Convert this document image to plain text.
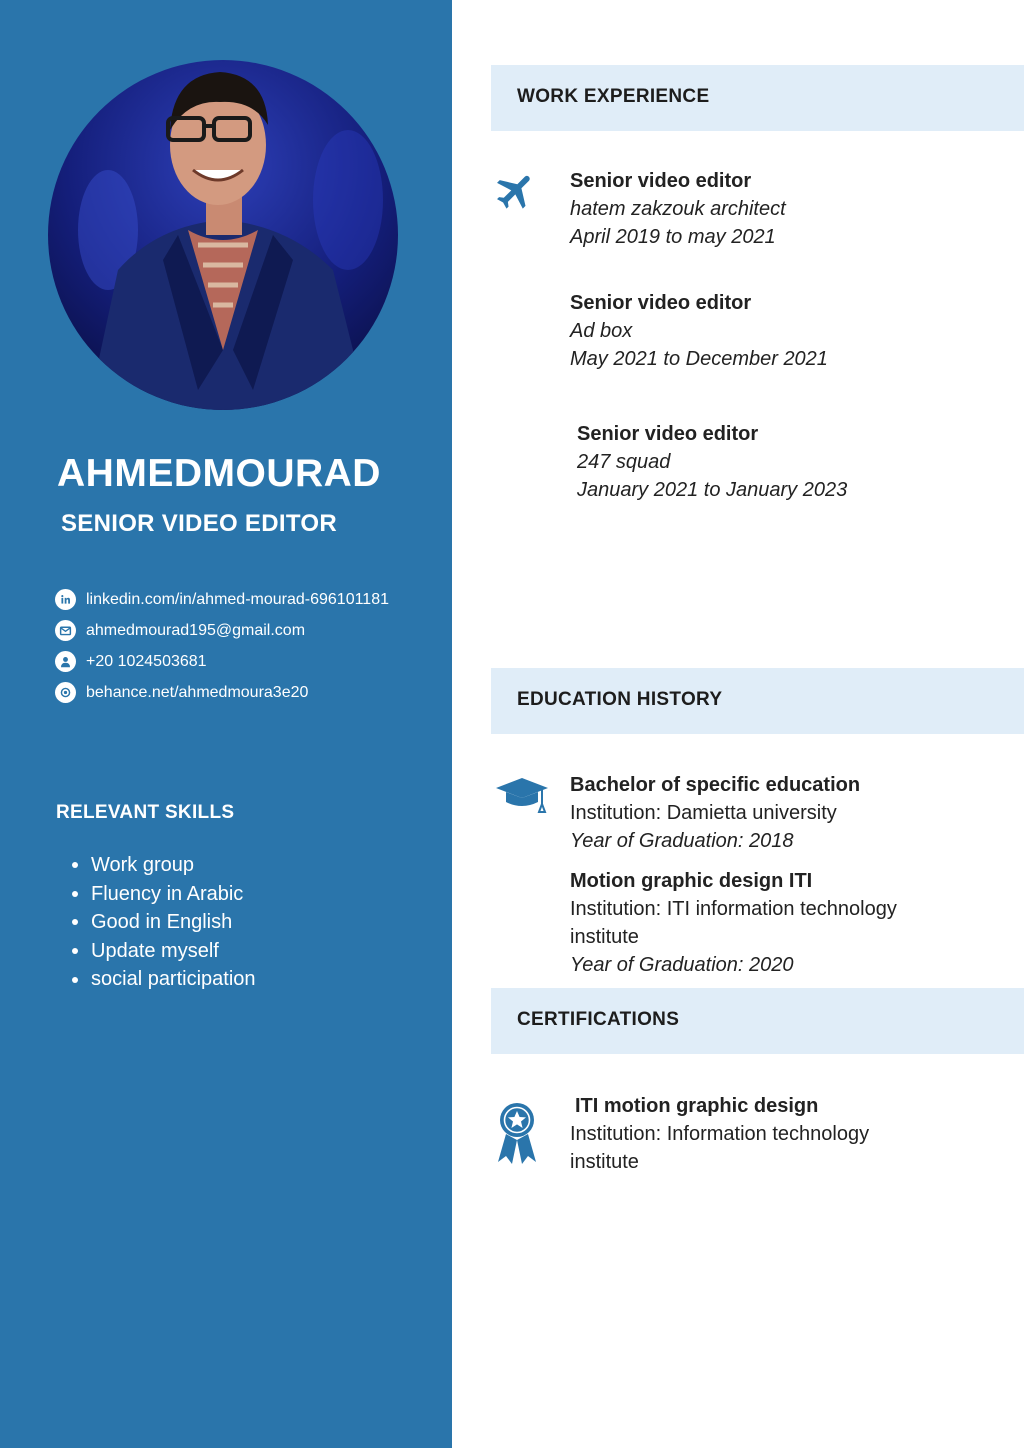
AHMEDMOURAD
SENIOR VIDEO EDITOR
linkedin.com/in/ahmed-mourad-696101181
ahmedmourad195@gmail.com
+20 1024503681
behance.net/ahmedmoura3e20
RELEVANT SKILLS
Work group
Fluency in Arabic
Good in English
Update myself
social participation
WORK EXPERIENCE
Senior video editor
hatem zakzouk architect
April 2019 to may 2021
Senior video editor
Ad box
May 2021 to December 2021
Senior video editor
247 squad
January 2021 to January 2023
EDUCATION HISTORY
Bachelor of specific education
Institution: Damietta university
Year of Graduation: 2018
Motion graphic design ITI
Institution: ITI information technology
institute
Year of Graduation: 2020
CERTIFICATIONS
ITI motion graphic design
Institution: Information technology
institute
